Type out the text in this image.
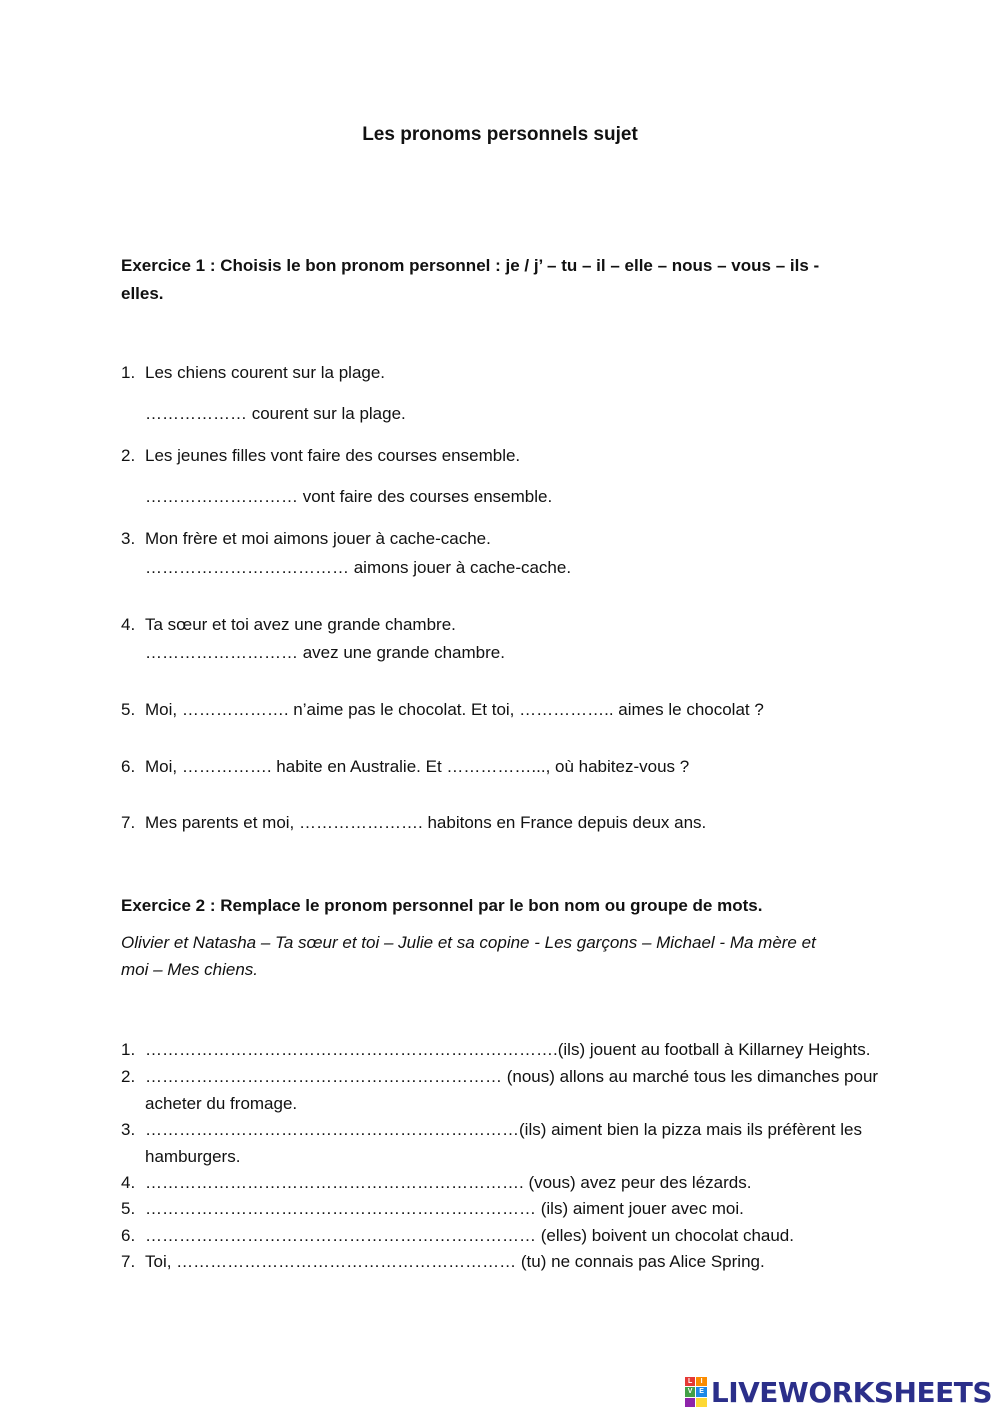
Les pronoms personnels sujet
Exercice 1 : Choisis le bon pronom personnel : je / j’ – tu – il – elle – nous – vous – ils -
elles.
1. Les chiens courent sur la plage.
……………… courent sur la plage.
2. Les jeunes filles vont faire des courses ensemble.
……………………… vont faire des courses ensemble.
3. Mon frère et moi aimons jouer à cache-cache.
……………………………… aimons jouer à cache-cache.
4. Ta sœur et toi avez une grande chambre.
……………………… avez une grande chambre.
5. Moi, ………………. n’aime pas le chocolat. Et toi, …………….. aimes le chocolat ?
6. Moi, ……………. habite en Australie. Et ……………..., où habitez-vous ?
7. Mes parents et moi, …………………. habitons en France depuis deux ans.
Exercice 2 : Remplace le pronom personnel par le bon nom ou groupe de mots.
Olivier et Natasha – Ta sœur et toi – Julie et sa copine - Les garçons – Michael - Ma mère et
moi – Mes chiens.
1. ……………………………………………………………….(ils) jouent au football à Killarney Heights.
2. ……………………………………………………… (nous) allons au marché tous les dimanches pour
acheter du fromage.
3. …………………………………………………………(ils) aiment bien la pizza mais ils préfèrent les
hamburgers.
4. …………………………………………………………. (vous) avez peur des lézards.
5. …………………………………………………………… (ils) aiment jouer avec moi.
6. …………………………………………………………… (elles) boivent un chocolat chaud.
7. Toi, …………………………………………………… (tu) ne connais pas Alice Spring.
L	I
V E LIVEWORKSHEETS
